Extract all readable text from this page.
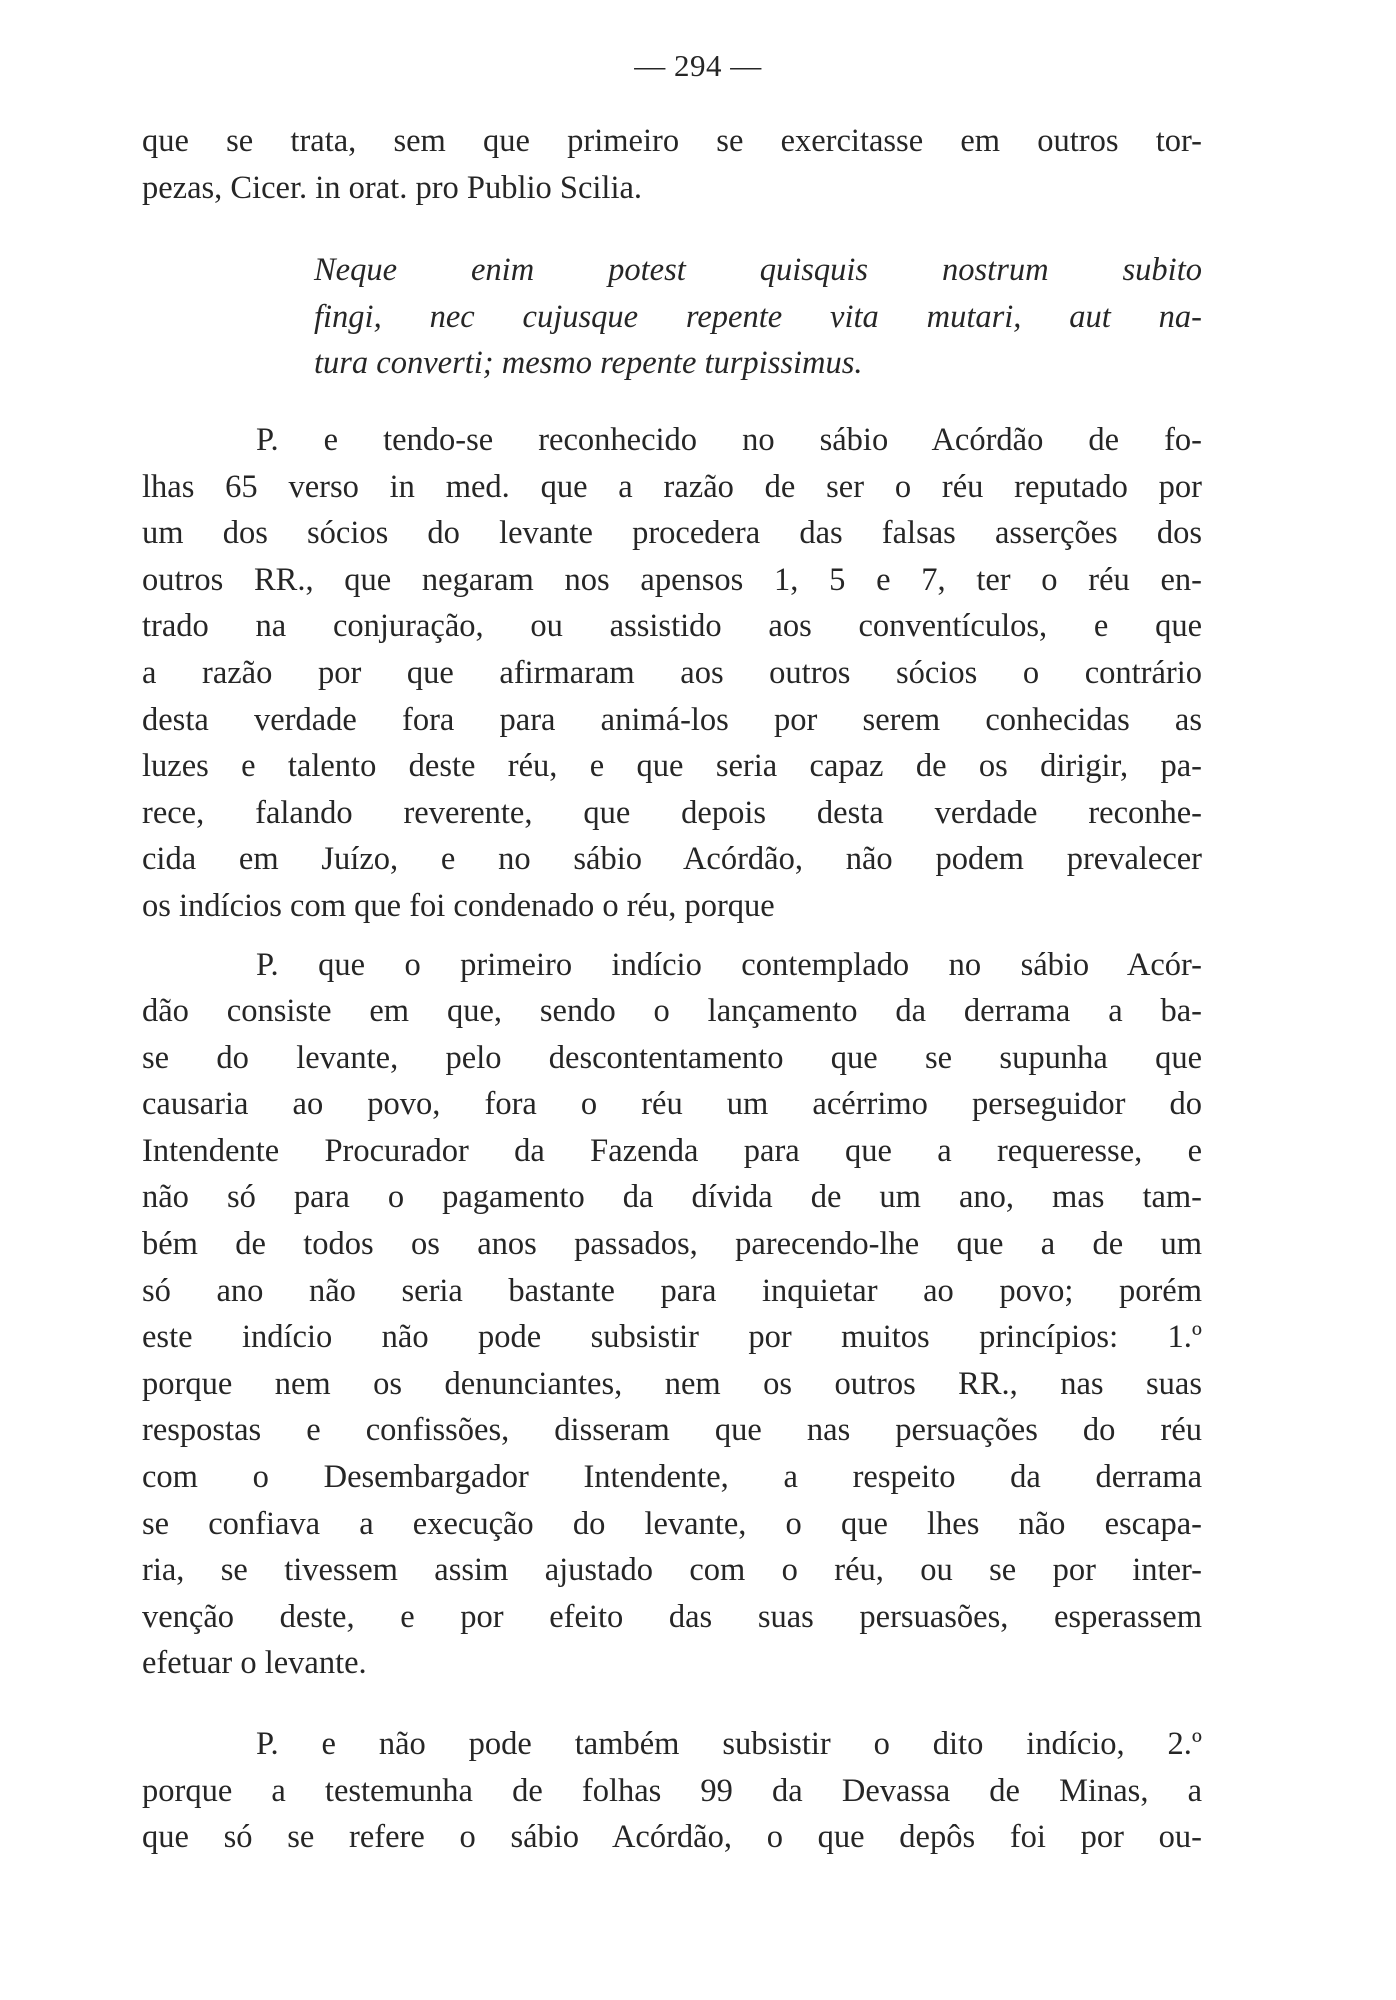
— 294 —
que se trata, sem que primeiro se exercitasse em outros tor-
pezas, Cicer. in orat. pro Publio Scilia.
Neque enim potest quisquis nostrum subito
fingi, nec cujusque repente vita mutari, aut na-
tura converti; mesmo repente turpissimus.
P. e tendo-se reconhecido no sábio Acórdão de fo-
lhas 65 verso in med. que a razão de ser o réu reputado por
um dos sócios do levante procedera das falsas asserções dos
outros RR., que negaram nos apensos 1, 5 e 7, ter o réu en-
trado na conjuração, ou assistido aos conventículos, e que
a razão por que afirmaram aos outros sócios o contrário
desta verdade fora para animá-los por serem conhecidas as
luzes e talento deste réu, e que seria capaz de os dirigir, pa-
rece, falando reverente, que depois desta verdade reconhe-
cida em Juízo, e no sábio Acórdão, não podem prevalecer
os indícios com que foi condenado o réu, porque
P. que o primeiro indício contemplado no sábio Acór-
dão consiste em que, sendo o lançamento da derrama a ba-
se do levante, pelo descontentamento que se supunha que
causaria ao povo, fora o réu um acérrimo perseguidor do
Intendente Procurador da Fazenda para que a requeresse, e
não só para o pagamento da dívida de um ano, mas tam-
bém de todos os anos passados, parecendo-lhe que a de um
só ano não seria bastante para inquietar ao povo; porém
este indício não pode subsistir por muitos princípios: 1.º
porque nem os denunciantes, nem os outros RR., nas suas
respostas e confissões, disseram que nas persuações do réu
com o Desembargador Intendente, a respeito da derrama
se confiava a execução do levante, o que lhes não escapa-
ria, se tivessem assim ajustado com o réu, ou se por inter-
venção deste, e por efeito das suas persuasões, esperassem
efetuar o levante.
P. e não pode também subsistir o dito indício, 2.º
porque a testemunha de folhas 99 da Devassa de Minas, a
que só se refere o sábio Acórdão, o que depôs foi por ou-
